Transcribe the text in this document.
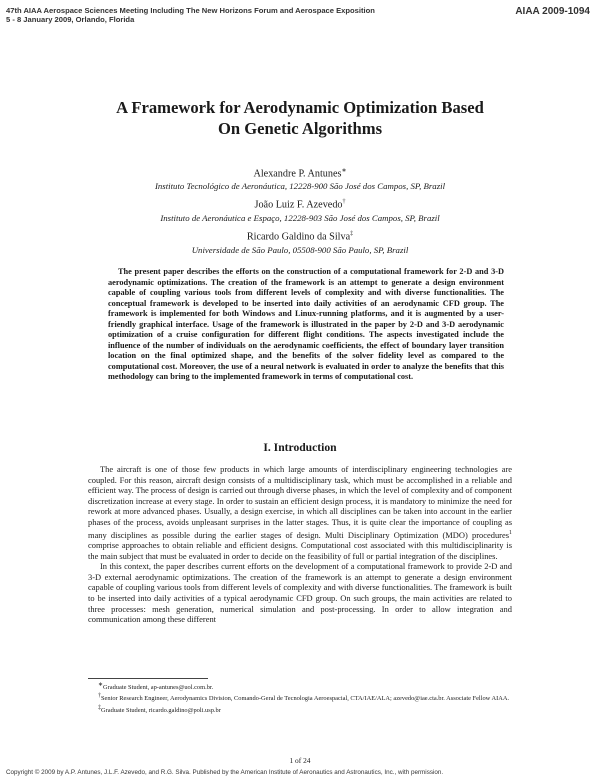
47th AIAA Aerospace Sciences Meeting Including The New Horizons Forum and Aerospace Exposition
5 - 8 January 2009, Orlando, Florida
AIAA 2009-1094
A Framework for Aerodynamic Optimization Based
On Genetic Algorithms
Alexandre P. Antunes∗
Instituto Tecnológico de Aeronáutica, 12228-900 São José dos Campos, SP, Brazil
João Luiz F. Azevedo†
Instituto de Aeronáutica e Espaço, 12228-903 São José dos Campos, SP, Brazil
Ricardo Galdino da Silva‡
Universidade de São Paulo, 05508-900 São Paulo, SP, Brazil
The present paper describes the efforts on the construction of a computational framework for 2-D and 3-D aerodynamic optimizations. The creation of the framework is an attempt to generate a design environment capable of coupling various tools from different levels of complexity and with diverse functionalities. The conceptual framework is developed to be inserted into daily activities of an aerodynamic CFD group. The framework is implemented for both Windows and Linux-running platforms, and it is augmented by a user-friendly graphical interface. Usage of the framework is illustrated in the paper by 2-D and 3-D aerodynamic optimization of a cruise configuration for different flight conditions. The aspects investigated include the influence of the number of individuals on the aerodynamic coefficients, the effect of boundary layer transition location on the final optimized shape, and the benefits of the solver fidelity level as compared to the computational cost. Moreover, the use of a neural network is evaluated in order to analyze the benefits that this methodology can bring to the implemented framework in terms of computational cost.
I. Introduction

The aircraft is one of those few products in which large amounts of interdisciplinary engineering technologies are coupled. For this reason, aircraft design consists of a multidisciplinary task, which must be accomplished in a reliable and efficient way. The process of design is carried out through diverse phases, in which the level of complexity and of component discretization increase at every stage. In order to sustain an efficient design process, it is mandatory to minimize the need for rework at more advanced phases. Usually, a design exercise, in which all disciplines can be taken into account in the earlier phases of the process, avoids unpleasant surprises in the latter stages. Thus, it is quite clear the importance of coupling as many disciplines as possible during the earlier stages of design. Multi Disciplinary Optimization (MDO) procedures$^1$ comprise approaches to obtain reliable and efficient designs. Computational cost associated with this multidisciplinarity is the main subject that must be evaluated in order to decide on the feasibility of full or partial integration of the disciplines.

In this context, the paper describes current efforts on the development of a computational framework to provide 2-D and 3-D external aerodynamic optimizations. The creation of the framework is an attempt to generate a design environment capable of coupling various tools from different levels of complexity and with diverse functionalities. The framework is built to be inserted into daily activities of a typical aerodynamic CFD group. On such groups, the main activities are related to three processes: mesh generation, numerical simulation and post-processing. In order to allow integration and communication among these different

∗Graduate Student, ap-antunes@uol.com.br.
†Senior Research Engineer, Aerodynamics Division, Comando-Geral de Tecnologia Aeroespacial, CTA/IAE/ALA; azevedo@iae.cta.br. Associate Fellow AIAA.
‡Graduate Student, ricardo.galdino@poli.usp.br
1 of 24
Copyright © 2009 by A.P. Antunes, J.L.F. Azevedo, and R.G. Silva. Published by the American Institute of Aeronautics and Astronautics, Inc., with permission.
